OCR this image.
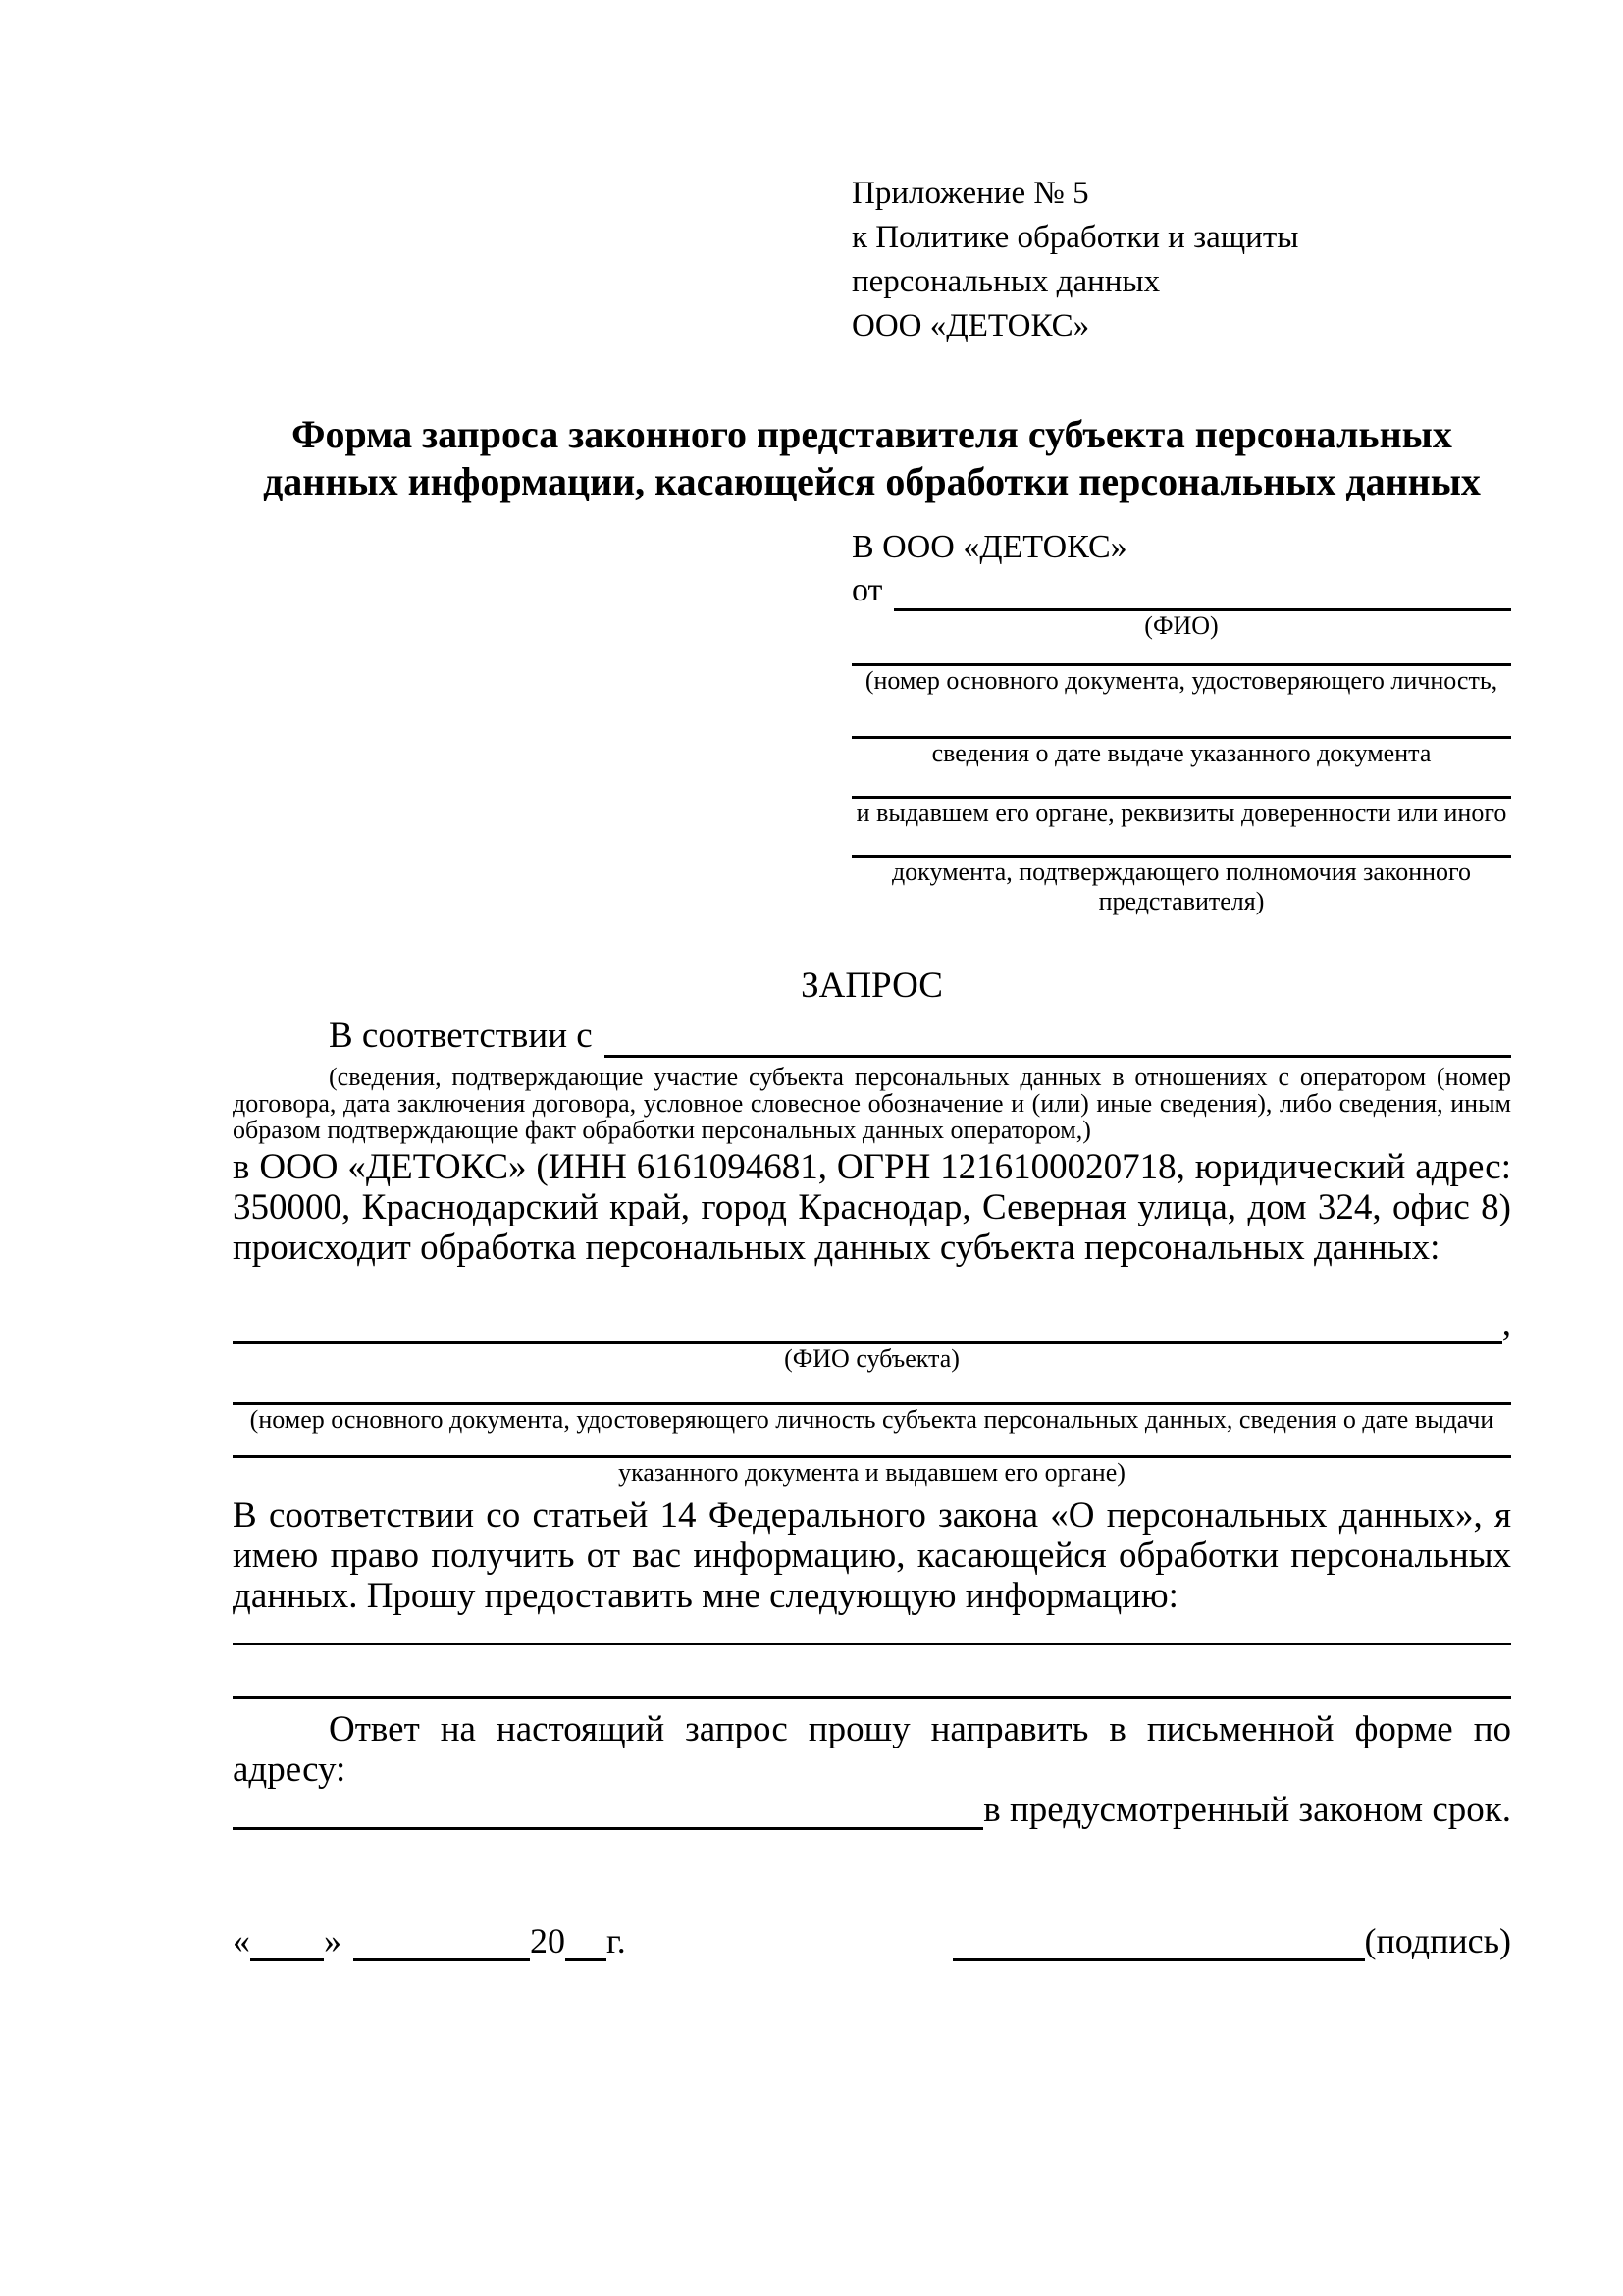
Приложение № 5
к Политике обработки и защиты
персональных данных
ООО «ДЕТОКС»
Форма запроса законного представителя субъекта персональных данных информации, касающейся обработки персональных данных
В ООО «ДЕТОКС»
от
(ФИО)
(номер основного документа, удостоверяющего личность,
сведения о дате выдаче указанного документа
и выдавшем его органе, реквизиты доверенности или иного
документа, подтверждающего полномочия законного представителя)
ЗАПРОС
В соответствии с
(сведения, подтверждающие участие субъекта персональных данных в отношениях с оператором (номер договора, дата заключения договора, условное словесное обозначение и (или) иные сведения), либо сведения, иным образом подтверждающие факт обработки персональных данных оператором,)
в ООО «ДЕТОКС» (ИНН 6161094681, ОГРН 1216100020718, юридический адрес: 350000, Краснодарский край, город Краснодар, Северная улица, дом 324, офис 8) происходит обработка персональных данных субъекта персональных данных:
,
(ФИО субъекта)
(номер основного документа, удостоверяющего личность субъекта персональных данных, сведения о дате выдачи
указанного документа и выдавшем его органе)
В соответствии со статьей 14 Федерального закона «О персональных данных», я имею право получить от вас информацию, касающейся обработки персональных данных. Прошу предоставить мне следующую информацию:
Ответ на настоящий запрос прошу направить в письменной форме по адресу:
в предусмотренный законом срок.
« »	20 г.	(подпись)
